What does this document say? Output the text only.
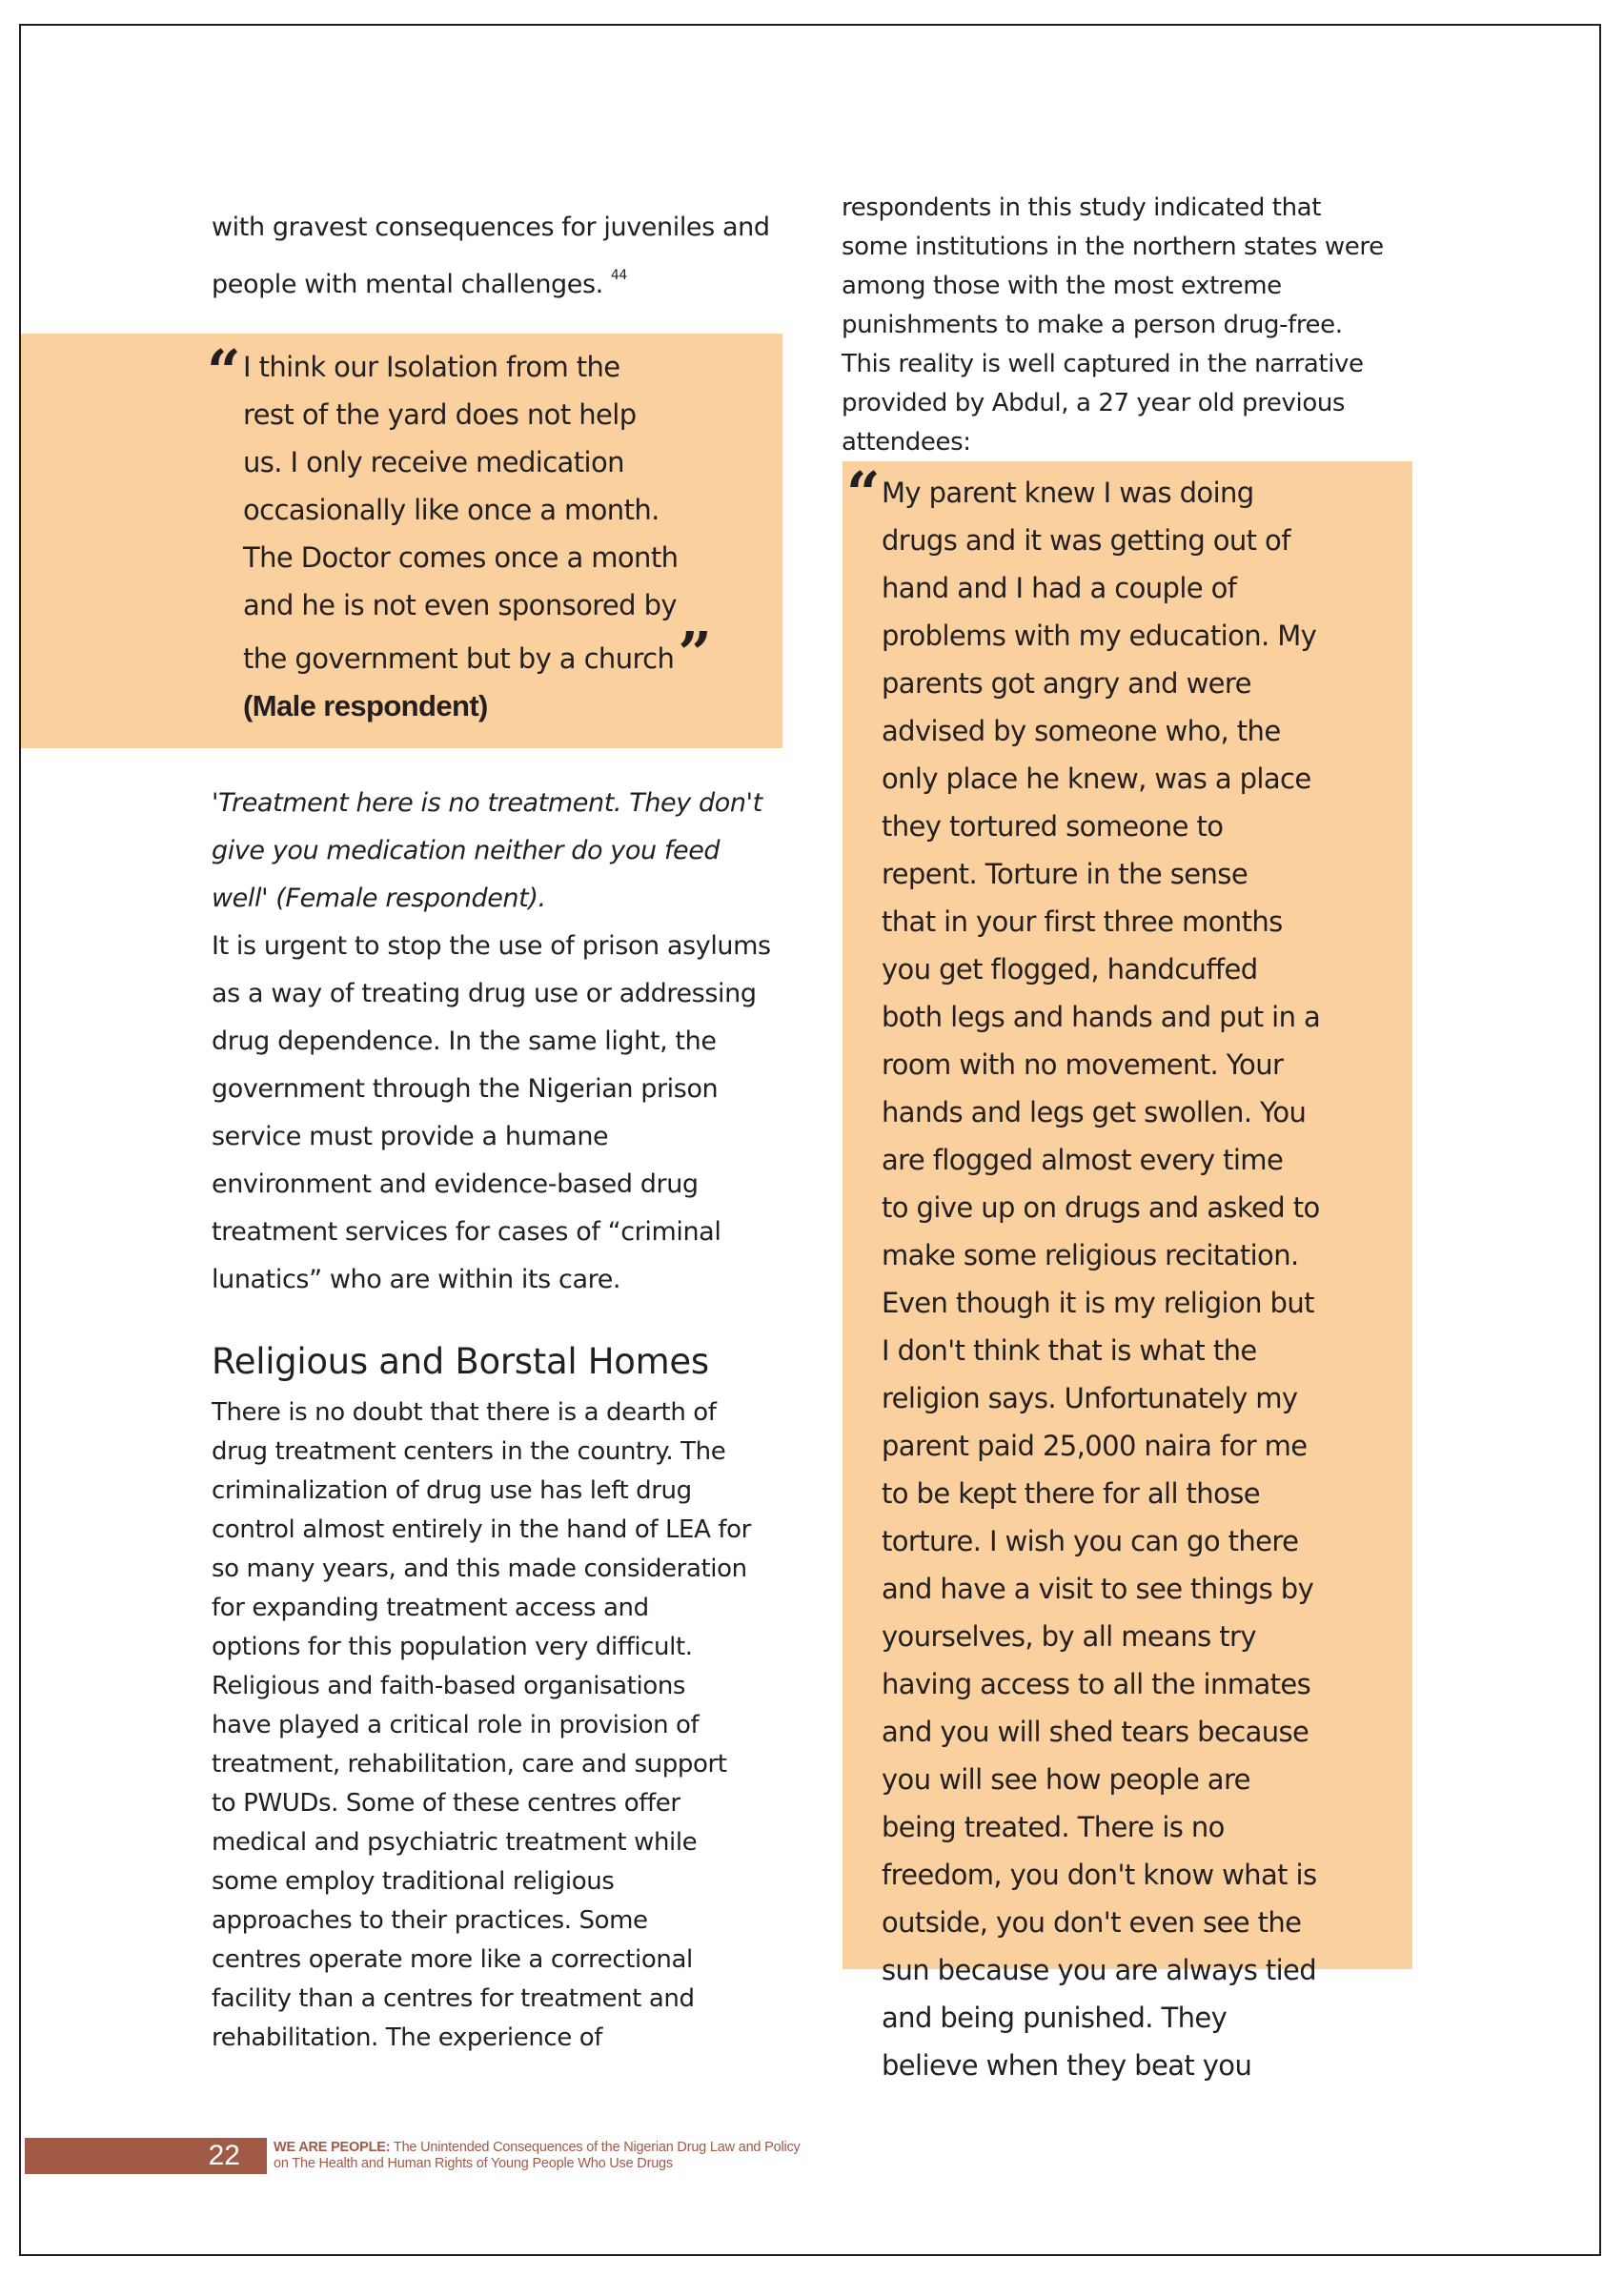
with gravest consequences for juveniles and
people with mental challenges. $^{44}$
“ I think our Isolation from the
rest of the yard does not help
us. I only receive medication
occasionally like once a month.
The Doctor comes once a month
and he is not even sponsored by
the government but by a church”
(Male respondent)
'Treatment here is no treatment. They don't
give you medication neither do you feed
well' (Female respondent).
It is urgent to stop the use of prison asylums
as a way of treating drug use or addressing
drug dependence. In the same light, the
government through the Nigerian prison
service must provide a humane
environment and evidence-based drug
treatment services for cases of “criminal
lunatics” who are within its care.
Religious and Borstal Homes
There is no doubt that there is a dearth of
drug treatment centers in the country. The
criminalization of drug use has left drug
control almost entirely in the hand of LEA for
so many years, and this made consideration
for expanding treatment access and
options for this population very difficult.
Religious and faith-based organisations
have played a critical role in provision of
treatment, rehabilitation, care and support
to PWUDs. Some of these centres offer
medical and psychiatric treatment while
some employ traditional religious
approaches to their practices. Some
centres operate more like a correctional
facility than a centres for treatment and
rehabilitation. The experience of
respondents in this study indicated that
some institutions in the northern states were
among those with the most extreme
punishments to make a person drug-free.
This reality is well captured in the narrative
provided by Abdul, a 27 year old previous
attendees:
“ My parent knew I was doing
drugs and it was getting out of
hand and I had a couple of
problems with my education. My
parents got angry and were
advised by someone who, the
only place he knew, was a place
they tortured someone to
repent. Torture in the sense
that in your first three months
you get flogged, handcuffed
both legs and hands and put in a
room with no movement. Your
hands and legs get swollen. You
are flogged almost every time
to give up on drugs and asked to
make some religious recitation.
Even though it is my religion but
I don't think that is what the
religion says. Unfortunately my
parent paid 25,000 naira for me
to be kept there for all those
torture. I wish you can go there
and have a visit to see things by
yourselves, by all means try
having access to all the inmates
and you will shed tears because
you will see how people are
being treated. There is no
freedom, you don't know what is
outside, you don't even see the
sun because you are always tied
and being punished. They
believe when they beat you
22 WE ARE PEOPLE: The Unintended Consequences of the Nigerian Drug Law and Policy
on The Health and Human Rights of Young People Who Use Drugs
